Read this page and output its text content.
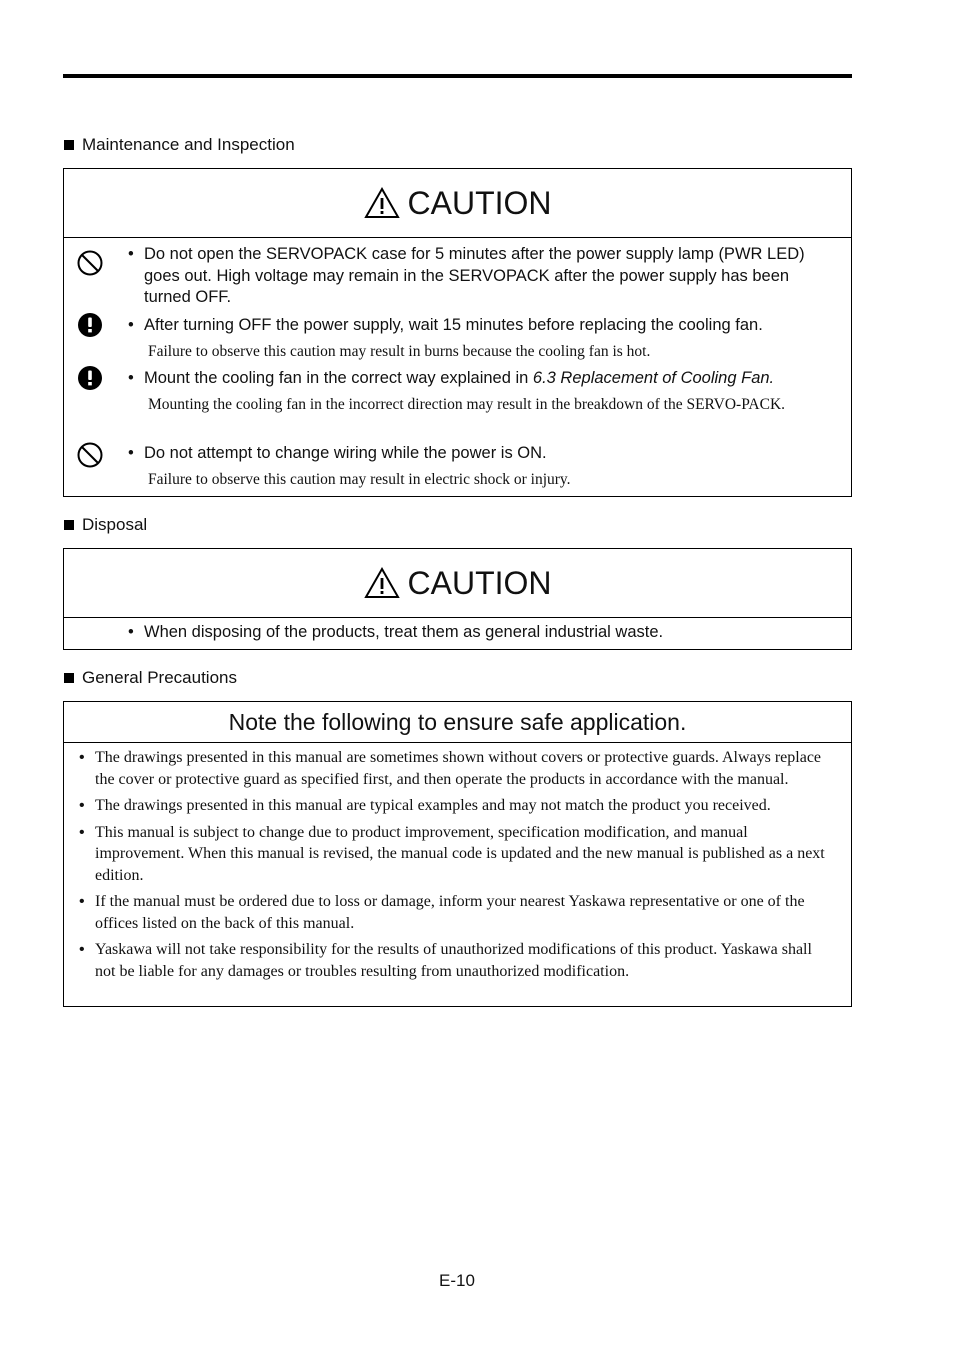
Maintenance and Inspection
CAUTION
• Do not open the SERVOPACK case for 5 minutes after the power supply lamp (PWR LED) goes out. High voltage may remain in the SERVOPACK after the power supply has been turned OFF.
• After turning OFF the power supply, wait 15 minutes before replacing the cooling fan.
Failure to observe this caution may result in burns because the cooling fan is hot.
• Mount the cooling fan in the correct way explained in 6.3 Replacement of Cooling Fan.
Mounting the cooling fan in the incorrect direction may result in the breakdown of the SERVO-PACK.
• Do not attempt to change wiring while the power is ON.
Failure to observe this caution may result in electric shock or injury.
Disposal
CAUTION
• When disposing of the products, treat them as general industrial waste.
General Precautions
Note the following to ensure safe application.
• The drawings presented in this manual are sometimes shown without covers or protective guards. Always replace the cover or protective guard as specified first, and then operate the products in accordance with the manual.
• The drawings presented in this manual are typical examples and may not match the product you received.
• This manual is subject to change due to product improvement, specification modification, and manual improvement. When this manual is revised, the manual code is updated and the new manual is published as a next edition.
• If the manual must be ordered due to loss or damage, inform your nearest Yaskawa representative or one of the offices listed on the back of this manual.
• Yaskawa will not take responsibility for the results of unauthorized modifications of this product. Yaskawa shall not be liable for any damages or troubles resulting from unauthorized modification.
E-10
